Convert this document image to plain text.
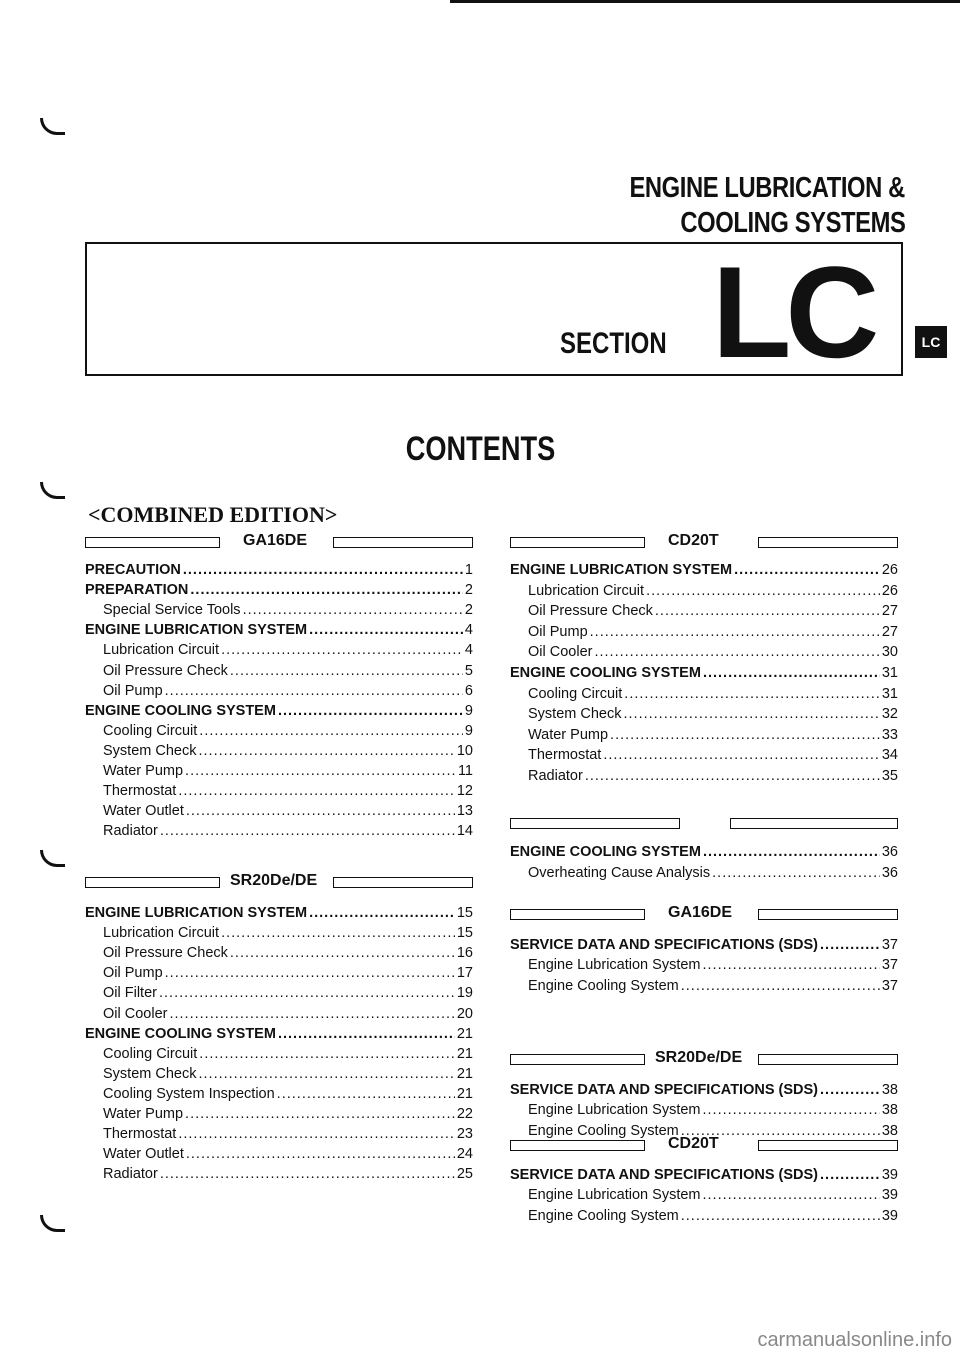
ENGINE LUBRICATION &
COOLING SYSTEMS
SECTION LC	LC
CONTENTS
<COMBINED EDITION>
GA16DE
PRECAUTION .....	1
PREPARATION .....	2
Special Service Tools .....	2
ENGINE LUBRICATION SYSTEM .....	4
Lubrication Circuit .....	4
Oil Pressure Check .....	5
Oil Pump .....	6
ENGINE COOLING SYSTEM .....	9
Cooling Circuit .....	9
System Check .....	10
Water Pump .....	11
Thermostat .....	12
Water Outlet .....	13
Radiator .....	14
SR20De/DE
ENGINE LUBRICATION SYSTEM .....	15
Lubrication Circuit .....	15
Oil Pressure Check .....	16
Oil Pump .....	17
Oil Filter .....	19
Oil Cooler .....	20
ENGINE COOLING SYSTEM .....	21
Cooling Circuit .....	21
System Check .....	21
Cooling System Inspection .....	21
Water Pump .....	22
Thermostat .....	23
Water Outlet .....	24
Radiator .....	25
CD20T
ENGINE LUBRICATION SYSTEM .....	26
Lubrication Circuit .....	26
Oil Pressure Check .....	27
Oil Pump .....	27
Oil Cooler .....	30
ENGINE COOLING SYSTEM .....	31
Cooling Circuit .....	31
System Check .....	32
Water Pump .....	33
Thermostat .....	34
Radiator .....	35
ENGINE COOLING SYSTEM .....	36
Overheating Cause Analysis .....	36
GA16DE
SERVICE DATA AND SPECIFICATIONS (SDS) .....	37
Engine Lubrication System .....	37
Engine Cooling System .....	37
SR20De/DE
SERVICE DATA AND SPECIFICATIONS (SDS) .....	38
Engine Lubrication System .....	38
Engine Cooling System .....	38
CD20T
SERVICE DATA AND SPECIFICATIONS (SDS) .....	39
Engine Lubrication System .....	39
Engine Cooling System .....	39
carmanualsonline.info
